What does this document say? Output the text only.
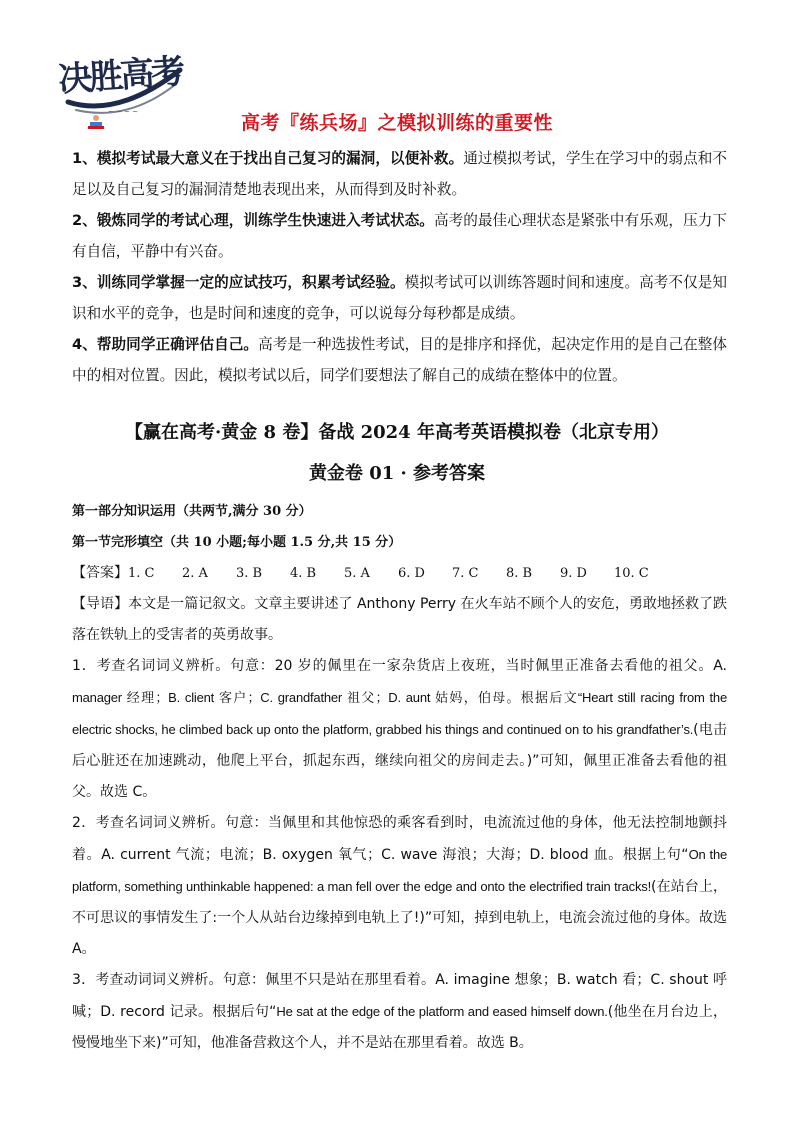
决胜高考
~ ~ ~ ~	高考『练兵场』之模拟训练的重要性

1、模拟考试最大意义在于找出自己复习的漏洞，以便补救。通过模拟考试，学生在学习中的弱点和不足以及自己复习的漏洞清楚地表现出来，从而得到及时补救。

2、锻炼同学的考试心理，训练学生快速进入考试状态。高考的最佳心理状态是紧张中有乐观，压力下有自信，平静中有兴奋。

3、训练同学掌握一定的应试技巧，积累考试经验。模拟考试可以训练答题时间和速度。高考不仅是知识和水平的竞争，也是时间和速度的竞争，可以说每分每秒都是成绩。

4、帮助同学正确评估自己。高考是一种选拔性考试，目的是排序和择优，起决定作用的是自己在整体中的相对位置。因此，模拟考试以后，同学们要想法了解自己的成绩在整体中的位置。

【赢在高考·黄金 8 卷】备战 2024 年高考英语模拟卷（北京专用）
黄金卷 01 · 参考答案

第一部分知识运用（共两节,满分 30 分）

第一节完形填空（共 10 小题;每小题 1.5 分,共 15 分）

【答案】1. C 2. A 3. B 4. B 5. A 6. D 7. C 8. B 9. D 10. C

【导语】本文是一篇记叙文。文章主要讲述了 Anthony Perry 在火车站不顾个人的安危，勇敢地拯救了跌落在铁轨上的受害者的英勇故事。

1．考查名词词义辨析。句意：20 岁的佩里在一家杂货店上夜班，当时佩里正准备去看他的祖父。A. manager 经理；B. client 客户；C. grandfather 祖父；D. aunt 姑妈，伯母。根据后文“Heart still racing from the electric shocks, he climbed back up onto the platform, grabbed his things and continued on to his grandfather’s.(电击后心脏还在加速跳动，他爬上平台，抓起东西，继续向祖父的房间走去。)”可知，佩里正准备去看他的祖父。故选 C。

2．考查名词词义辨析。句意：当佩里和其他惊恐的乘客看到时，电流流过他的身体，他无法控制地颤抖着。A. current 气流；电流；B. oxygen 氧气；C. wave 海浪；大海；D. blood 血。根据上句“On the platform, something unthinkable happened: a man fell over the edge and onto the electrified train tracks!(在站台上，不可思议的事情发生了:一个人从站台边缘掉到电轨上了!)”可知，掉到电轨上，电流会流过他的身体。故选 A。

3．考查动词词义辨析。句意：佩里不只是站在那里看着。A. imagine 想象；B. watch 看；C. shout 呼喊；D. record 记录。根据后句“He sat at the edge of the platform and eased himself down.(他坐在月台边上，慢慢地坐下来)”可知，他准备营救这个人，并不是站在那里看着。故选 B。
